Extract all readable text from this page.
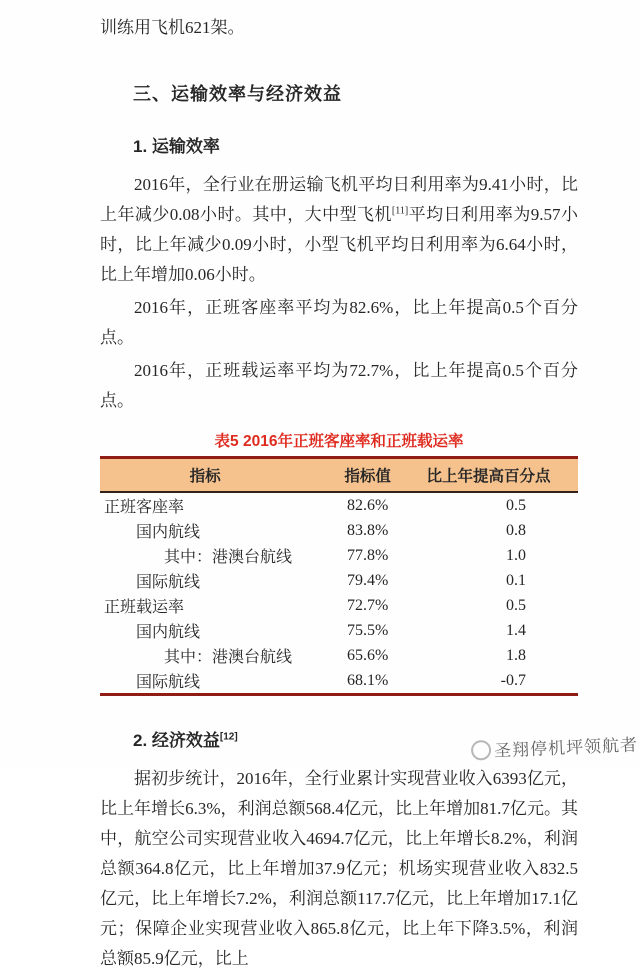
训练用飞机621架。

三、运输效率与经济效益
1. 运输效率

2016年，全行业在册运输飞机平均日利用率为9.41小时，比上年减少0.08小时。其中，大中型飞机[11]平均日利用率为9.57小时，比上年减少0.09小时，小型飞机平均日利用率为6.64小时，比上年增加0.06小时。

2016年，正班客座率平均为82.6%，比上年提高0.5个百分点。

2016年，正班载运率平均为72.7%，比上年提高0.5个百分点。

表5 2016年正班客座率和正班载运率

指标	指标值	比上年提高百分点
正班客座率	82.6%	0.5
国内航线	83.8%	0.8
其中：港澳台航线	77.8%	1.0
国际航线	79.4%	0.1
正班载运率	72.7%	0.5
国内航线	75.5%	1.4
其中：港澳台航线	65.6%	1.8
国际航线	68.1%	-0.7
2. 经济效益[12]

据初步统计，2016年，全行业累计实现营业收入6393亿元，比上年增长6.3%，利润总额568.4亿元，比上年增加81.7亿元。其中，航空公司实现营业收入4694.7亿元，比上年增长8.2%，利润总额364.8亿元，比上年增加37.9亿元；机场实现营业收入832.5亿元，比上年增长7.2%，利润总额117.7亿元，比上年增加17.1亿元；保障企业实现营业收入865.8亿元，比上年下降3.5%，利润总额85.9亿元，比上

圣翔停机坪领航者
